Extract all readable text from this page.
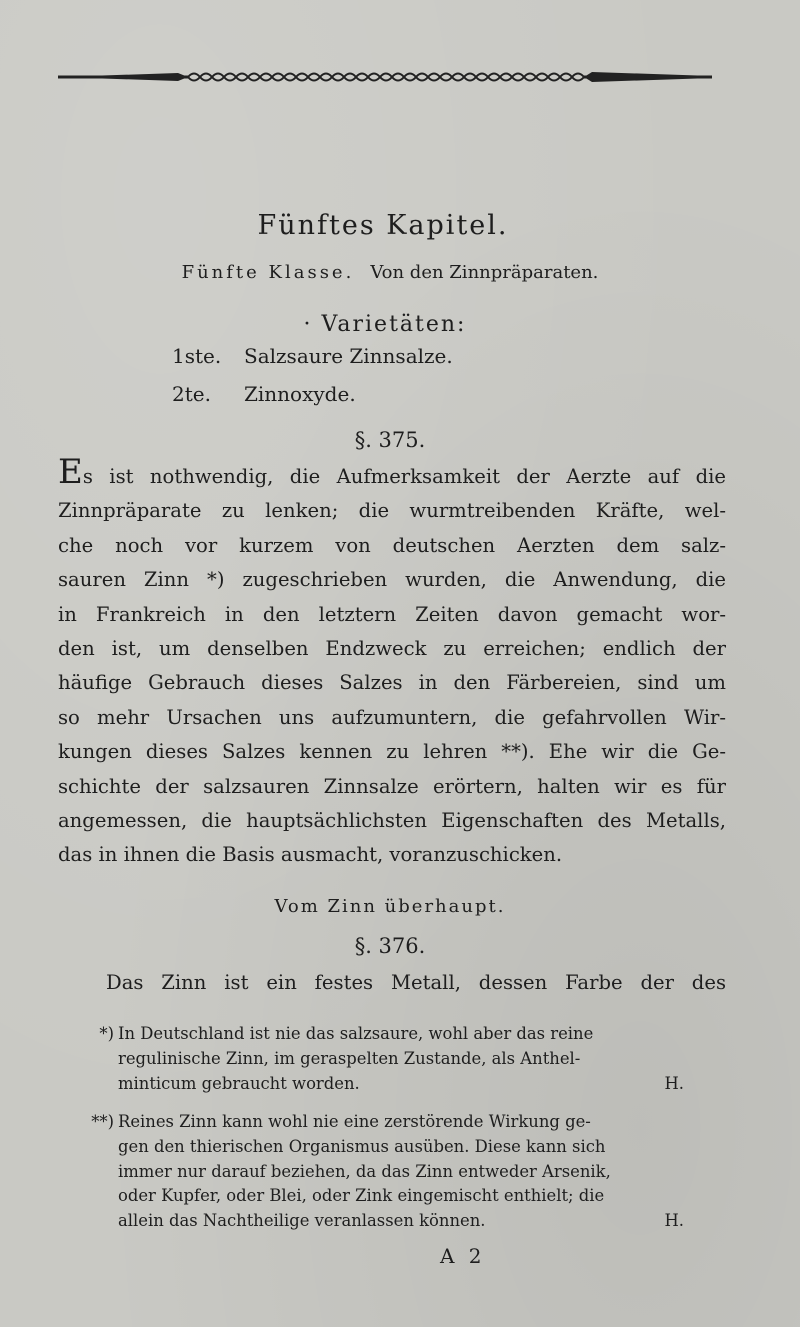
Fünftes Kapitel.
Fünfte Klasse. Von den Zinnpräparaten.
· Varietäten:
1ste. Salzsaure Zinnsalze.
2te. Zinnoxyde.
§. 375.
Es ist nothwendig, die Aufmerksamkeit der Aerzte auf die
Zinnpräparate zu lenken; die wurmtreibenden Kräfte, wel-
che noch vor kurzem von deutschen Aerzten dem salz-
sauren Zinn *) zugeschrieben wurden, die Anwendung, die
in Frankreich in den letztern Zeiten davon gemacht wor-
den ist, um denselben Endzweck zu erreichen; endlich der
häufige Gebrauch dieses Salzes in den Färbereien, sind um
so mehr Ursachen uns aufzumuntern, die gefahrvollen Wir-
kungen dieses Salzes kennen zu lehren **). Ehe wir die Ge-
schichte der salzsauren Zinnsalze erörtern, halten wir es für
angemessen, die hauptsächlichsten Eigenschaften des Metalls,
das in ihnen die Basis ausmacht, voranzuschicken.
Vom Zinn überhaupt.
§. 376.
Das Zinn ist ein festes Metall, dessen Farbe der des
*) In Deutschland ist nie das salzsaure, wohl aber das reine
regulinische Zinn, im geraspelten Zustande, als Anthel-
minticum gebraucht worden.	H.
**) Reines Zinn kann wohl nie eine zerstörende Wirkung ge-
gen den thierischen Organismus ausüben. Diese kann sich
immer nur darauf beziehen, da das Zinn entweder Arsenik,
oder Kupfer, oder Blei, oder Zink eingemischt enthielt; die
allein das Nachtheilige veranlassen können.	H.
A 2
